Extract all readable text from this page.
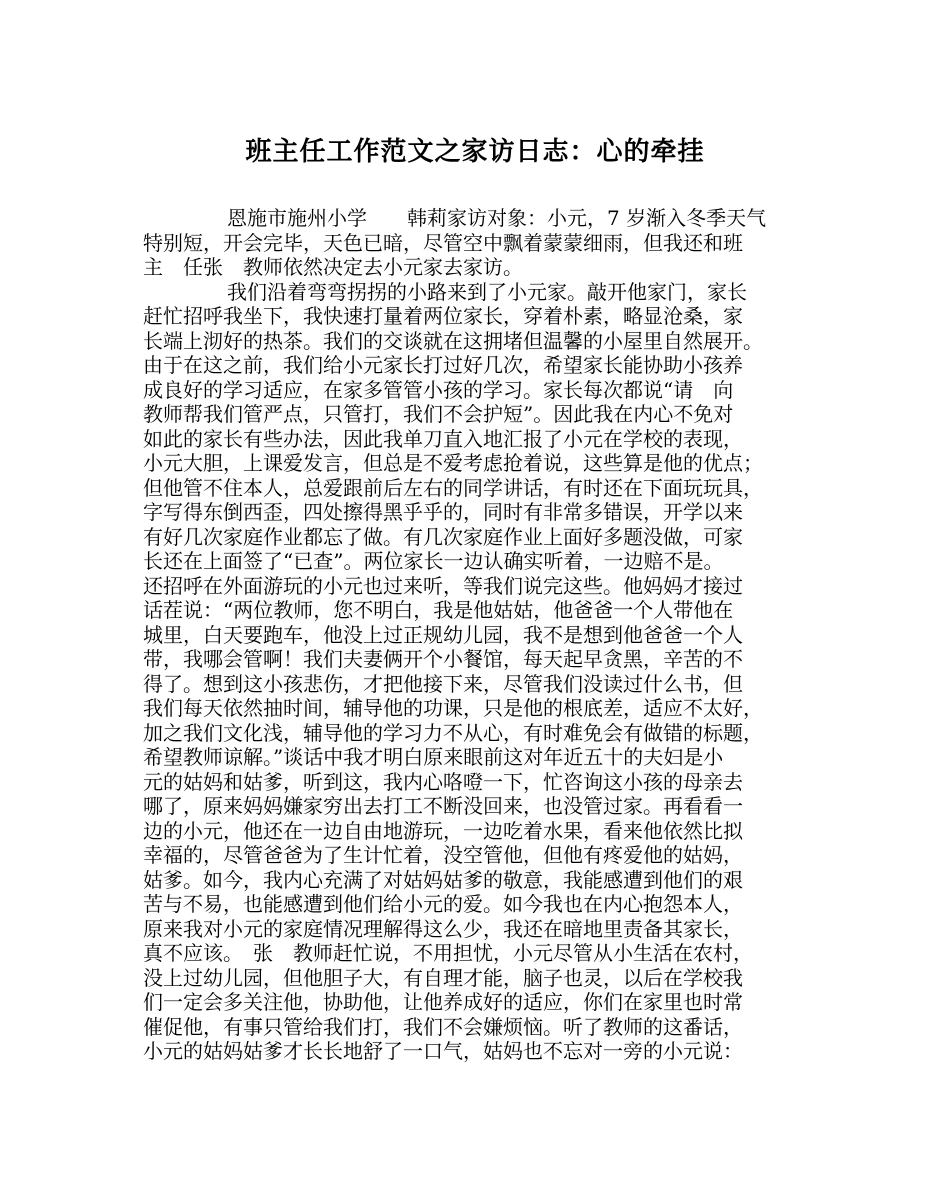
班主任工作范文之家访日志：心的牵挂
恩施市施州小学　　韩莉家访对象：小元，7 岁渐入冬季天气
特别短，开会完毕，天色已暗，尽管空中飘着蒙蒙细雨，但我还和班
主　任张　教师依然决定去小元家去家访。
我们沿着弯弯拐拐的小路来到了小元家。敲开他家门，家长
赶忙招呼我坐下，我快速打量着两位家长，穿着朴素，略显沧桑，家
长端上沏好的热茶。我们的交谈就在这拥堵但温馨的小屋里自然展开。
由于在这之前，我们给小元家长打过好几次，希望家长能协助小孩养
成良好的学习适应，在家多管管小孩的学习。家长每次都说“请　向
教师帮我们管严点，只管打，我们不会护短”。因此我在内心不免对
如此的家长有些办法，因此我单刀直入地汇报了小元在学校的表现，
小元大胆，上课爱发言，但总是不爱考虑抢着说，这些算是他的优点；
但他管不住本人，总爱跟前后左右的同学讲话，有时还在下面玩玩具，
字写得东倒西歪，四处擦得黑乎乎的，同时有非常多错误，开学以来
有好几次家庭作业都忘了做。有几次家庭作业上面好多题没做，可家
长还在上面签了“已查”。两位家长一边认确实听着，一边赔不是。
还招呼在外面游玩的小元也过来听，等我们说完这些。他妈妈才接过
话茬说：“两位教师，您不明白，我是他姑姑，他爸爸一个人带他在
城里，白天要跑车，他没上过正规幼儿园，我不是想到他爸爸一个人
带，我哪会管啊！我们夫妻俩开个小餐馆，每天起早贪黑，辛苦的不
得了。想到这小孩悲伤，才把他接下来，尽管我们没读过什么书，但
我们每天依然抽时间，辅导他的功课，只是他的根底差，适应不太好，
加之我们文化浅，辅导他的学习力不从心，有时难免会有做错的标题，
希望教师谅解。”谈话中我才明白原来眼前这对年近五十的夫妇是小
元的姑妈和姑爹，听到这，我内心咯噔一下，忙咨询这小孩的母亲去
哪了，原来妈妈嫌家穷出去打工不断没回来，也没管过家。再看看一
边的小元，他还在一边自由地游玩，一边吃着水果，看来他依然比拟
幸福的，尽管爸爸为了生计忙着，没空管他，但他有疼爱他的姑妈，
姑爹。如今，我内心充满了对姑妈姑爹的敬意，我能感遭到他们的艰
苦与不易，也能感遭到他们给小元的爱。如今我也在内心抱怨本人，
原来我对小元的家庭情况理解得这么少，我还在暗地里责备其家长，
真不应该。　张　教师赶忙说，不用担忧，小元尽管从小生活在农村，
没上过幼儿园，但他胆子大，有自理才能，脑子也灵，以后在学校我
们一定会多关注他，协助他，让他养成好的适应，你们在家里也时常
催促他，有事只管给我们打，我们不会嫌烦恼。听了教师的这番话，
小元的姑妈姑爹才长长地舒了一口气，姑妈也不忘对一旁的小元说：
